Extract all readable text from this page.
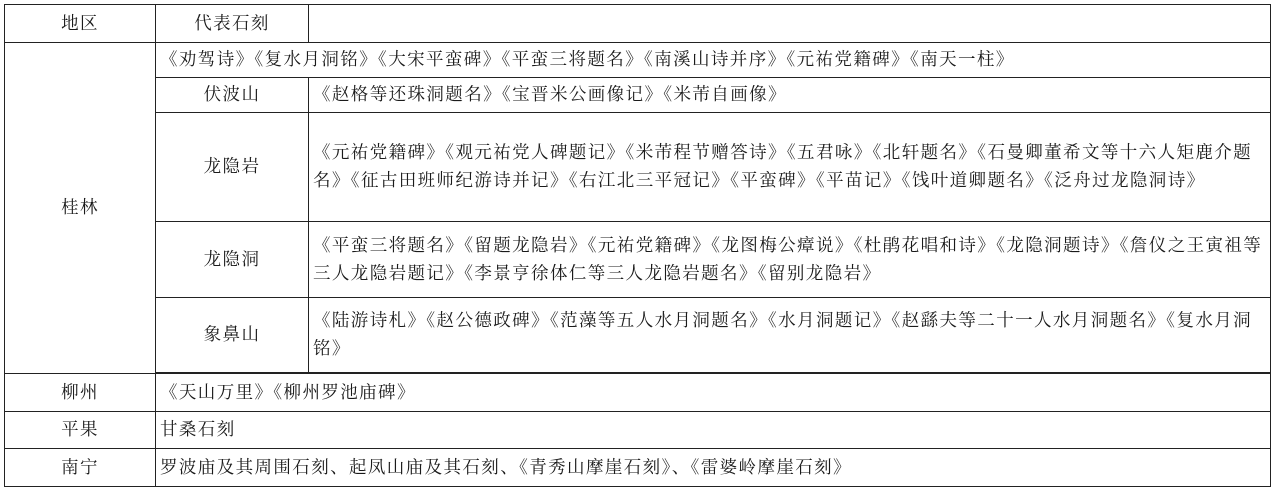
地区	代表石刻	
桂林	《劝驾诗》《复水月洞铭》《大宋平蛮碑》《平蛮三将题名》《南溪山诗并序》《元祐党籍碑》《南天一柱》	
	伏波山	《赵格等还珠洞题名》《宝晋米公画像记》《米芾自画像》
	龙隐岩	《元祐党籍碑》《观元祐党人碑题记》《米芾程节赠答诗》《五君咏》《北轩题名》《石曼卿董希文等十六人矩鹿介题名》《征古田班师纪游诗并记》《右江北三平冠记》《平蛮碑》《平苗记》《饯叶道卿题名》《泛舟过龙隐洞诗》
	龙隐洞	《平蛮三将题名》《留题龙隐岩》《元祐党籍碑》《龙图梅公瘴说》《杜鹃花唱和诗》《龙隐洞题诗》《詹仪之王寅祖等三人龙隐岩题记》《李景亨徐体仁等三人龙隐岩题名》《留别龙隐岩》
	象鼻山	《陆游诗札》《赵公德政碑》《范藻等五人水月洞题名》《水月洞题记》《赵繇夫等二十一人水月洞题名》《复水月洞铭》

柳州	《天山万里》《柳州罗池庙碑》	
平果	甘桑石刻	
南宁	罗波庙及其周围石刻、起凤山庙及其石刻、《青秀山摩崖石刻》、《雷婆岭摩崖石刻》	
